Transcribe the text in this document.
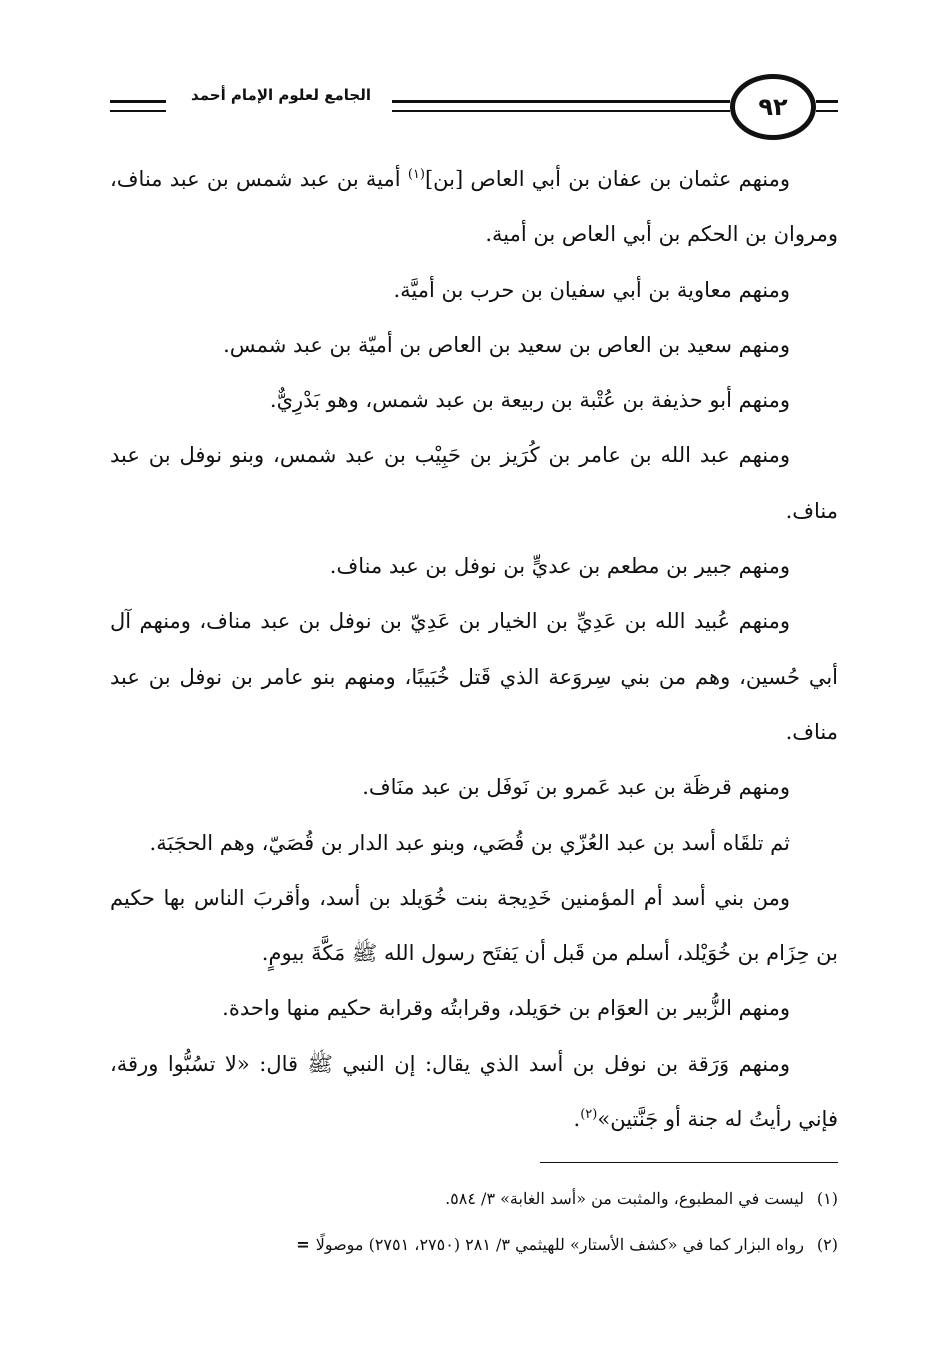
الجامع لعلوم الإمام أحمد	٩٢

ومنهم عثمان بن عفان بن أبي العاص [بن]$^{(١)}$ أمية بن عبد شمس بن عبد مناف، ومروان بن الحكم بن أبي العاص بن أمية.

ومنهم معاوية بن أبي سفيان بن حرب بن أميَّة.

ومنهم سعيد بن العاص بن سعيد بن العاص بن أميّة بن عبد شمس.

ومنهم أبو حذيفة بن عُتْبة بن ربيعة بن عبد شمس، وهو بَدْرِيٌّ.

ومنهم عبد الله بن عامر بن كُرَيز بن حَبِيْب بن عبد شمس، وبنو نوفل بن عبد مناف.

ومنهم جبير بن مطعم بن عديٍّ بن نوفل بن عبد مناف.

ومنهم عُبيد الله بن عَدِيِّ بن الخيار بن عَدِيّ بن نوفل بن عبد مناف، ومنهم آل أبي حُسين، وهم من بني سِروَعة الذي قَتل خُبَيبًا، ومنهم بنو عامر بن نوفل بن عبد مناف.

ومنهم قرظَة بن عبد عَمرو بن نَوفَل بن عبد منَاف.

ثم تلقَاه أسد بن عبد العُزّي بن قُصَي، وبنو عبد الدار بن قُصَيّ، وهم الحجَبَة.

ومن بني أسد أم المؤمنين خَدِيجة بنت خُوَيلد بن أسد، وأقربَ الناس بها حكيم بن حِزَام بن خُوَيْلد، أسلم من قَبل أن يَفتَح رسول الله ﷺ مَكَّةَ بيومٍ.

ومنهم الزُّبير بن العوَام بن خوَيلد، وقرابتُه وقرابة حكيم منها واحدة.

ومنهم وَرَقة بن نوفل بن أسد الذي يقال: إن النبي ﷺ قال: «لا تسُبُّوا ورقة، فإني رأيتُ له جنة أو جَنَّتين»$^{(٢)}$.

(١)ليست في المطبوع، والمثبت من «أسد الغابة» ٣/ ٥٨٤.

(٢)رواه البزار كما في «كشف الأستار» للهيثمي ٣/ ٢٨١ (٢٧٥٠، ٢٧٥١) موصولًا=
